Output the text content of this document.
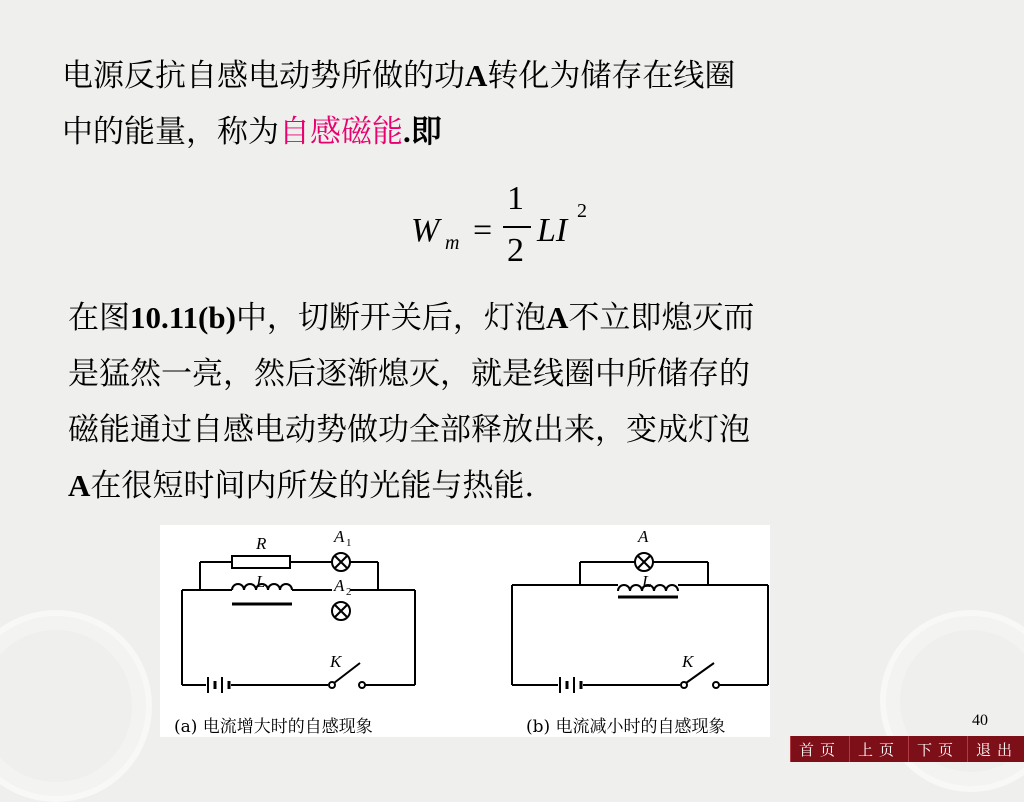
电源反抗自感电动势所做的功A转化为储存在线圈
中的能量，称为自感磁能.即

W m =
1
2
LI
2

在图10.11(b)中，切断开关后，灯泡A不立即熄灭而
是猛然一亮，然后逐渐熄灭，就是线圈中所储存的
磁能通过自感电动势做功全部释放出来，变成灯泡
A在很短时间内所发的光能与热能.

R	A 1
L	A 2
K
A
L
K
(a) 电流增大时的自感现象	(b) 电流减小时的自感现象	40
首页	上页	下页	退出
